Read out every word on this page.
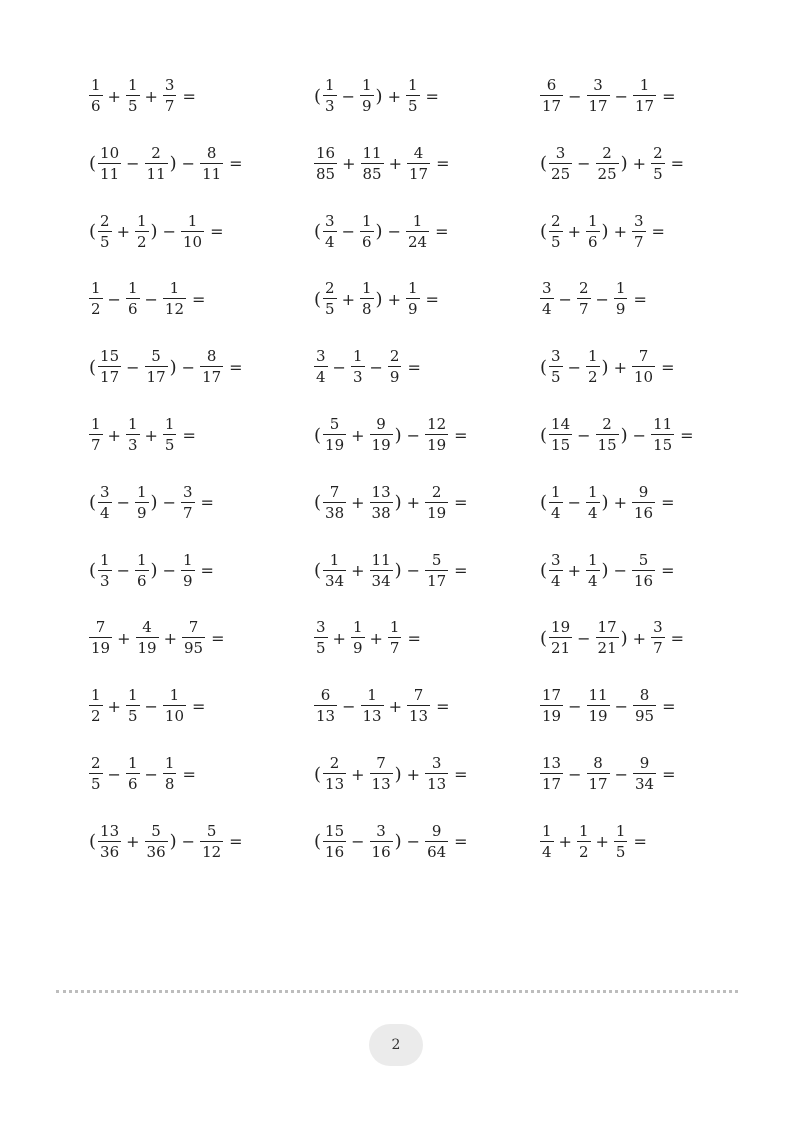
$\frac{1}{6} + \frac{1}{5} + \frac{3}{7}$ =	( $\frac{1}{3} - \frac{1}{9}$ ) + $\frac{1}{5}$ =	$\frac{6}{17} - \frac{3}{17} - \frac{1}{17}$ =
( $\frac{10}{11} - \frac{2}{11}$ ) − $\frac{8}{11}$ =	$\frac{16}{85} + \frac{11}{85} + \frac{4}{17}$ =	( $\frac{3}{25} - \frac{2}{25}$ ) + $\frac{2}{5}$ =
( $\frac{2}{5} + \frac{1}{2}$ ) − $\frac{1}{10}$ =	( $\frac{3}{4} - \frac{1}{6}$ ) − $\frac{1}{24}$ =	( $\frac{2}{5} + \frac{1}{6}$ ) + $\frac{3}{7}$ =
$\frac{1}{2} - \frac{1}{6} - \frac{1}{12}$ =	( $\frac{2}{5} + \frac{1}{8}$ ) + $\frac{1}{9}$ =	$\frac{3}{4} - \frac{2}{7} - \frac{1}{9}$ =
( $\frac{15}{17} - \frac{5}{17}$ ) − $\frac{8}{17}$ =	$\frac{3}{4} - \frac{1}{3} - \frac{2}{9}$ =	( $\frac{3}{5} - \frac{1}{2}$ ) + $\frac{7}{10}$ =
$\frac{1}{7} + \frac{1}{3} + \frac{1}{5}$ =	( $\frac{5}{19} + \frac{9}{19}$ ) − $\frac{12}{19}$ =	( $\frac{14}{15} - \frac{2}{15}$ ) − $\frac{11}{15}$ =
( $\frac{3}{4} - \frac{1}{9}$ ) − $\frac{3}{7}$ =	( $\frac{7}{38} + \frac{13}{38}$ ) + $\frac{2}{19}$ =	( $\frac{1}{4} - \frac{1}{4}$ ) + $\frac{9}{16}$ =
( $\frac{1}{3} - \frac{1}{6}$ ) − $\frac{1}{9}$ =	( $\frac{1}{34} + \frac{11}{34}$ ) − $\frac{5}{17}$ =	( $\frac{3}{4} + \frac{1}{4}$ ) − $\frac{5}{16}$ =
$\frac{7}{19} + \frac{4}{19} + \frac{7}{95}$ =	$\frac{3}{5} + \frac{1}{9} + \frac{1}{7}$ =	( $\frac{19}{21} - \frac{17}{21}$ ) + $\frac{3}{7}$ =
$\frac{1}{2} + \frac{1}{5} - \frac{1}{10}$ =	$\frac{6}{13} - \frac{1}{13} + \frac{7}{13}$ =	$\frac{17}{19} - \frac{11}{19} - \frac{8}{95}$ =
$\frac{2}{5} - \frac{1}{6} - \frac{1}{8}$ =	( $\frac{2}{13} + \frac{7}{13}$ ) + $\frac{3}{13}$ =	$\frac{13}{17} - \frac{8}{17} - \frac{9}{34}$ =
( $\frac{13}{36} + \frac{5}{36}$ ) − $\frac{5}{12}$ =	( $\frac{15}{16} - \frac{3}{16}$ ) − $\frac{9}{64}$ =	$\frac{1}{4} + \frac{1}{2} + \frac{1}{5}$ =
2
